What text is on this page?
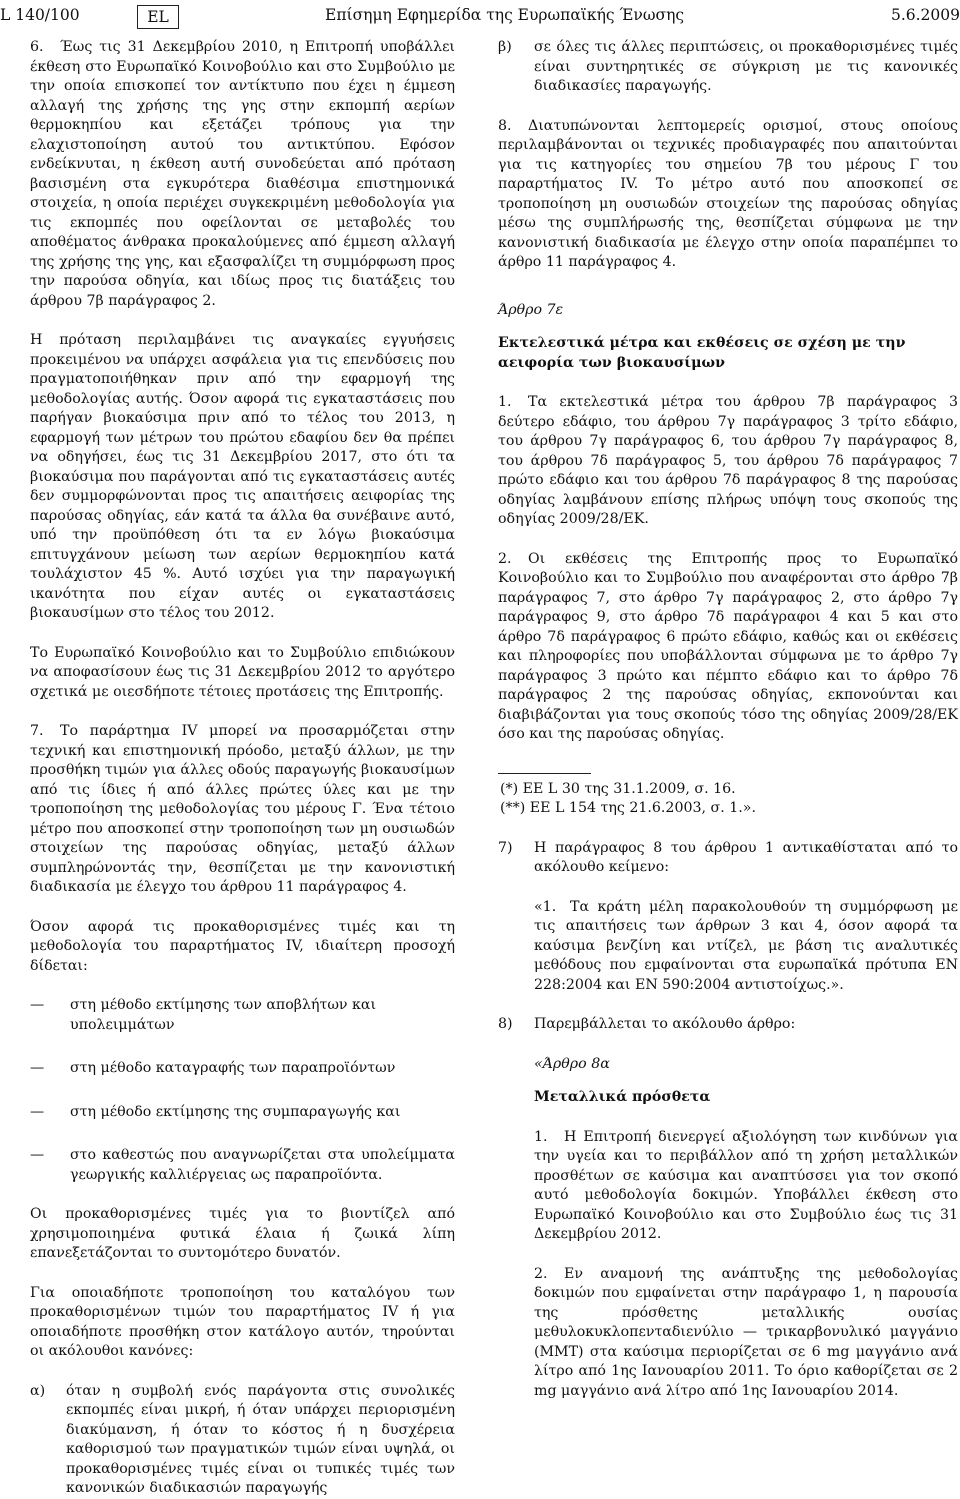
L 140/100	EL	Επίσημη Εφημερίδα της Ευρωπαϊκής Ένωσης	5.6.2009

6. Έως τις 31 Δεκεμβρίου 2010, η Επιτροπή υποβάλλει έκθεση στο Ευρωπαϊκό Κοινοβούλιο και στο Συμβούλιο με την οποία επισκοπεί τον αντίκτυπο που έχει η έμμεση αλλαγή της χρήσης της γης στην εκπομπή αερίων θερμοκηπίου και εξετάζει τρόπους για την ελαχιστοποίηση αυτού του αντικτύπου. Εφόσον ενδείκνυται, η έκθεση αυτή συνοδεύεται από πρόταση βασισμένη στα εγκυρότερα διαθέσιμα επιστημονικά στοιχεία, η οποία περιέχει συγκεκριμένη μεθοδολογία για τις εκπομπές που οφείλονται σε μεταβολές του αποθέματος άνθρακα προκαλούμενες από έμμεση αλλαγή της χρήσης της γης, και εξασφαλίζει τη συμμόρφωση προς την παρούσα οδηγία, και ιδίως προς τις διατάξεις του άρθρου 7β παράγραφος 2.

Η πρόταση περιλαμβάνει τις αναγκαίες εγγυήσεις προκειμένου να υπάρχει ασφάλεια για τις επενδύσεις που πραγματοποιήθηκαν πριν από την εφαρμογή της μεθοδολογίας αυτής. Όσον αφορά τις εγκαταστάσεις που παρήγαν βιοκαύσιμα πριν από το τέλος του 2013, η εφαρμογή των μέτρων του πρώτου εδαφίου δεν θα πρέπει να οδηγήσει, έως τις 31 Δεκεμβρίου 2017, στο ότι τα βιοκαύσιμα που παράγονται από τις εγκαταστάσεις αυτές δεν συμμορφώνονται προς τις απαιτήσεις αειφορίας της παρούσας οδηγίας, εάν κατά τα άλλα θα συνέβαινε αυτό, υπό την προϋπόθεση ότι τα εν λόγω βιοκαύσιμα επιτυγχάνουν μείωση των αερίων θερμοκηπίου κατά τουλάχιστον 45 %. Αυτό ισχύει για την παραγωγική ικανότητα που είχαν αυτές οι εγκαταστάσεις βιοκαυσίμων στο τέλος του 2012.

Το Ευρωπαϊκό Κοινοβούλιο και το Συμβούλιο επιδιώκουν να αποφασίσουν έως τις 31 Δεκεμβρίου 2012 το αργότερο σχετικά με οιεσδήποτε τέτοιες προτάσεις της Επιτροπής.

7. Το παράρτημα IV μπορεί να προσαρμόζεται στην τεχνική και επιστημονική πρόοδο, μεταξύ άλλων, με την προσθήκη τιμών για άλλες οδούς παραγωγής βιοκαυσίμων από τις ίδιες ή από άλλες πρώτες ύλες και με την τροποποίηση της μεθοδολογίας του μέρους Γ. Ένα τέτοιο μέτρο που αποσκοπεί στην τροποποίηση των μη ουσιωδών στοιχείων της παρούσας οδηγίας, μεταξύ άλλων συμπληρώνοντάς την, θεσπίζεται με την κανονιστική διαδικασία με έλεγχο του άρθρου 11 παράγραφος 4.

Όσον αφορά τις προκαθορισμένες τιμές και τη μεθοδολογία του παραρτήματος IV, ιδιαίτερη προσοχή δίδεται:

—	στη μέθοδο εκτίμησης των αποβλήτων και υπολειμμάτων
—	στη μέθοδο καταγραφής των παραπροϊόντων
—	στη μέθοδο εκτίμησης της συμπαραγωγής και
—	στο καθεστώς που αναγνωρίζεται στα υπολείμματα γεωργικής καλλιέργειας ως παραπροϊόντα.

Οι προκαθορισμένες τιμές για το βιοντίζελ από χρησιμοποιημένα φυτικά έλαια ή ζωικά λίπη επανεξετάζονται το συντομότερο δυνατόν.

Για οποιαδήποτε τροποποίηση του καταλόγου των προκαθορισμένων τιμών του παραρτήματος IV ή για οποιαδήποτε προσθήκη στον κατάλογο αυτόν, τηρούνται οι ακόλουθοι κανόνες:

α)	όταν η συμβολή ενός παράγοντα στις συνολικές εκπομπές είναι μικρή, ή όταν υπάρχει περιορισμένη διακύμανση, ή όταν το κόστος ή η δυσχέρεια καθορισμού των πραγματικών τιμών είναι υψηλά, οι προκαθορισμένες τιμές είναι οι τυπικές τιμές των κανονικών διαδικασιών παραγωγής
β)	σε όλες τις άλλες περιπτώσεις, οι προκαθορισμένες τιμές είναι συντηρητικές σε σύγκριση με τις κανονικές διαδικασίες παραγωγής.

8. Διατυπώνονται λεπτομερείς ορισμοί, στους οποίους περιλαμβάνονται οι τεχνικές προδιαγραφές που απαιτούνται για τις κατηγορίες του σημείου 7β του μέρους Γ του παραρτήματος IV. Το μέτρο αυτό που αποσκοπεί σε τροποποίηση μη ουσιωδών στοιχείων της παρούσας οδηγίας μέσω της συμπλήρωσής της, θεσπίζεται σύμφωνα με την κανονιστική διαδικασία με έλεγχο στην οποία παραπέμπει το άρθρο 11 παράγραφος 4.

Άρθρο 7ε

Εκτελεστικά μέτρα και εκθέσεις σε σχέση με την αειφορία των βιοκαυσίμων

1. Τα εκτελεστικά μέτρα του άρθρου 7β παράγραφος 3 δεύτερο εδάφιο, του άρθρου 7γ παράγραφος 3 τρίτο εδάφιο, του άρθρου 7γ παράγραφος 6, του άρθρου 7γ παράγραφος 8, του άρθρου 7δ παράγραφος 5, του άρθρου 7δ παράγραφος 7 πρώτο εδάφιο και του άρθρου 7δ παράγραφος 8 της παρούσας οδηγίας λαμβάνουν επίσης πλήρως υπόψη τους σκοπούς της οδηγίας 2009/28/ΕΚ.

2. Οι εκθέσεις της Επιτροπής προς το Ευρωπαϊκό Κοινοβούλιο και το Συμβούλιο που αναφέρονται στο άρθρο 7β παράγραφος 7, στο άρθρο 7γ παράγραφος 2, στο άρθρο 7γ παράγραφος 9, στο άρθρο 7δ παράγραφοι 4 και 5 και στο άρθρο 7δ παράγραφος 6 πρώτο εδάφιο, καθώς και οι εκθέσεις και πληροφορίες που υποβάλλονται σύμφωνα με το άρθρο 7γ παράγραφος 3 πρώτο και πέμπτο εδάφιο και το άρθρο 7δ παράγραφος 2 της παρούσας οδηγίας, εκπονούνται και διαβιβάζονται για τους σκοπούς τόσο της οδηγίας 2009/28/ΕΚ όσο και της παρούσας οδηγίας.

(*) ΕΕ L 30 της 31.1.2009, σ. 16.

(**) ΕΕ L 154 της 21.6.2003, σ. 1.».

7)	Η παράγραφος 8 του άρθρου 1 αντικαθίσταται από το ακόλουθο κείμενο:

«1. Τα κράτη μέλη παρακολουθούν τη συμμόρφωση με τις απαιτήσεις των άρθρων 3 και 4, όσον αφορά τα καύσιμα βενζίνη και ντίζελ, με βάση τις αναλυτικές μεθόδους που εμφαίνονται στα ευρωπαϊκά πρότυπα EN 228:2004 και EN 590:2004 αντιστοίχως.».

8)	Παρεμβάλλεται το ακόλουθο άρθρο:

«Άρθρο 8α

Μεταλλικά πρόσθετα

1. Η Επιτροπή διενεργεί αξιολόγηση των κινδύνων για την υγεία και το περιβάλλον από τη χρήση μεταλλικών προσθέτων σε καύσιμα και αναπτύσσει για τον σκοπό αυτό μεθοδολογία δοκιμών. Υποβάλλει έκθεση στο Ευρωπαϊκό Κοινοβούλιο και στο Συμβούλιο έως τις 31 Δεκεμβρίου 2012.

2. Εν αναμονή της ανάπτυξης της μεθοδολογίας δοκιμών που εμφαίνεται στην παράγραφο 1, η παρουσία της πρόσθετης μεταλλικής ουσίας μεθυλοκυκλοπενταδιενύλιο — τρικαρβονυλικό μαγγάνιο (MMT) στα καύσιμα περιορίζεται σε 6 mg μαγγάνιο ανά λίτρο από 1ης Ιανουαρίου 2011. Το όριο καθορίζεται σε 2 mg μαγγάνιο ανά λίτρο από 1ης Ιανουαρίου 2014.
